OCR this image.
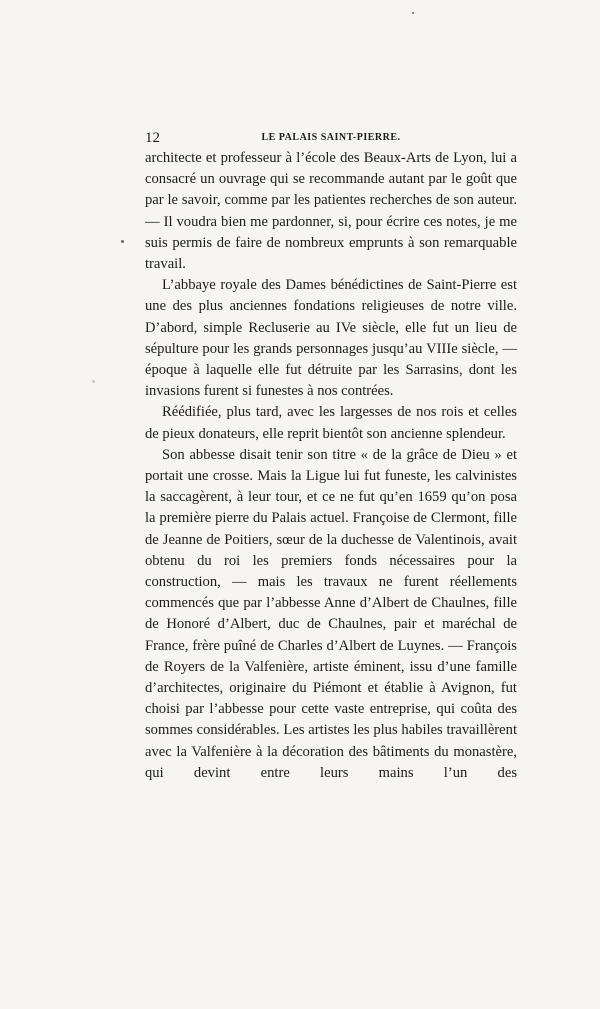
12	LE PALAIS SAINT-PIERRE.

architecte et professeur à l’école des Beaux-Arts de Lyon, lui a consacré un ouvrage qui se recommande autant par le goût que par le savoir, comme par les patientes recherches de son auteur. — Il voudra bien me pardonner, si, pour écrire ces notes, je me suis permis de faire de nombreux emprunts à son remarquable travail.

L’abbaye royale des Dames bénédictines de Saint-Pierre est une des plus anciennes fondations religieuses de notre ville. D’abord, simple Recluserie au IVe siècle, elle fut un lieu de sépulture pour les grands personnages jusqu’au VIIIe siècle, — époque à laquelle elle fut détruite par les Sarrasins, dont les invasions furent si funestes à nos contrées.

Réédifiée, plus tard, avec les largesses de nos rois et celles de pieux donateurs, elle reprit bientôt son ancienne splendeur.

Son abbesse disait tenir son titre « de la grâce de Dieu » et portait une crosse. Mais la Ligue lui fut funeste, les calvinistes la saccagèrent, à leur tour, et ce ne fut qu’en 1659 qu’on posa la première pierre du Palais actuel. Françoise de Clermont, fille de Jeanne de Poitiers, sœur de la duchesse de Valentinois, avait obtenu du roi les premiers fonds nécessaires pour la construction, — mais les travaux ne furent réellements commencés que par l’abbesse Anne d’Albert de Chaulnes, fille de Honoré d’Albert, duc de Chaulnes, pair et maréchal de France, frère puîné de Charles d’Albert de Luynes. — François de Royers de la Valfenière, artiste éminent, issu d’une famille d’architectes, originaire du Piémont et établie à Avignon, fut choisi par l’abbesse pour cette vaste entreprise, qui coûta des sommes considérables. Les artistes les plus habiles travaillèrent avec la Valfenière à la décoration des bâtiments du monastère, qui devint entre leurs mains l’un des
